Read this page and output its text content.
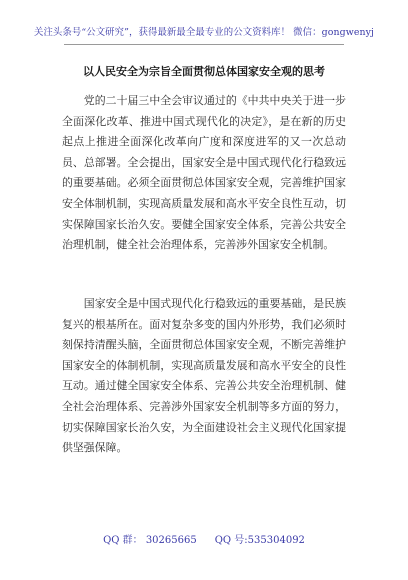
关注头条号“公文研究”，获得最新最全最专业的公文资料库！ 微信：gongwenyj
以人民安全为宗旨全面贯彻总体国家安全观的思考

党的二十届三中全会审议通过的《中共中央关于进一步全面深化改革、推进中国式现代化的决定》，是在新的历史起点上推进全面深化改革向广度和深度进军的又一次总动员、总部署。全会提出，国家安全是中国式现代化行稳致远的重要基础。必须全面贯彻总体国家安全观，完善维护国家安全体制机制，实现高质量发展和高水平安全良性互动，切实保障国家长治久安。要健全国家安全体系，完善公共安全治理机制，健全社会治理体系，完善涉外国家安全机制。

国家安全是中国式现代化行稳致远的重要基础，是民族复兴的根基所在。面对复杂多变的国内外形势，我们必须时刻保持清醒头脑，全面贯彻总体国家安全观，不断完善维护国家安全的体制机制，实现高质量发展和高水平安全的良性互动。通过健全国家安全体系、完善公共安全治理机制、健全社会治理体系、完善涉外国家安全机制等多方面的努力，切实保障国家长治久安，为全面建设社会主义现代化国家提供坚强保障。

QQ 群： 30265665 QQ 号:535304092
